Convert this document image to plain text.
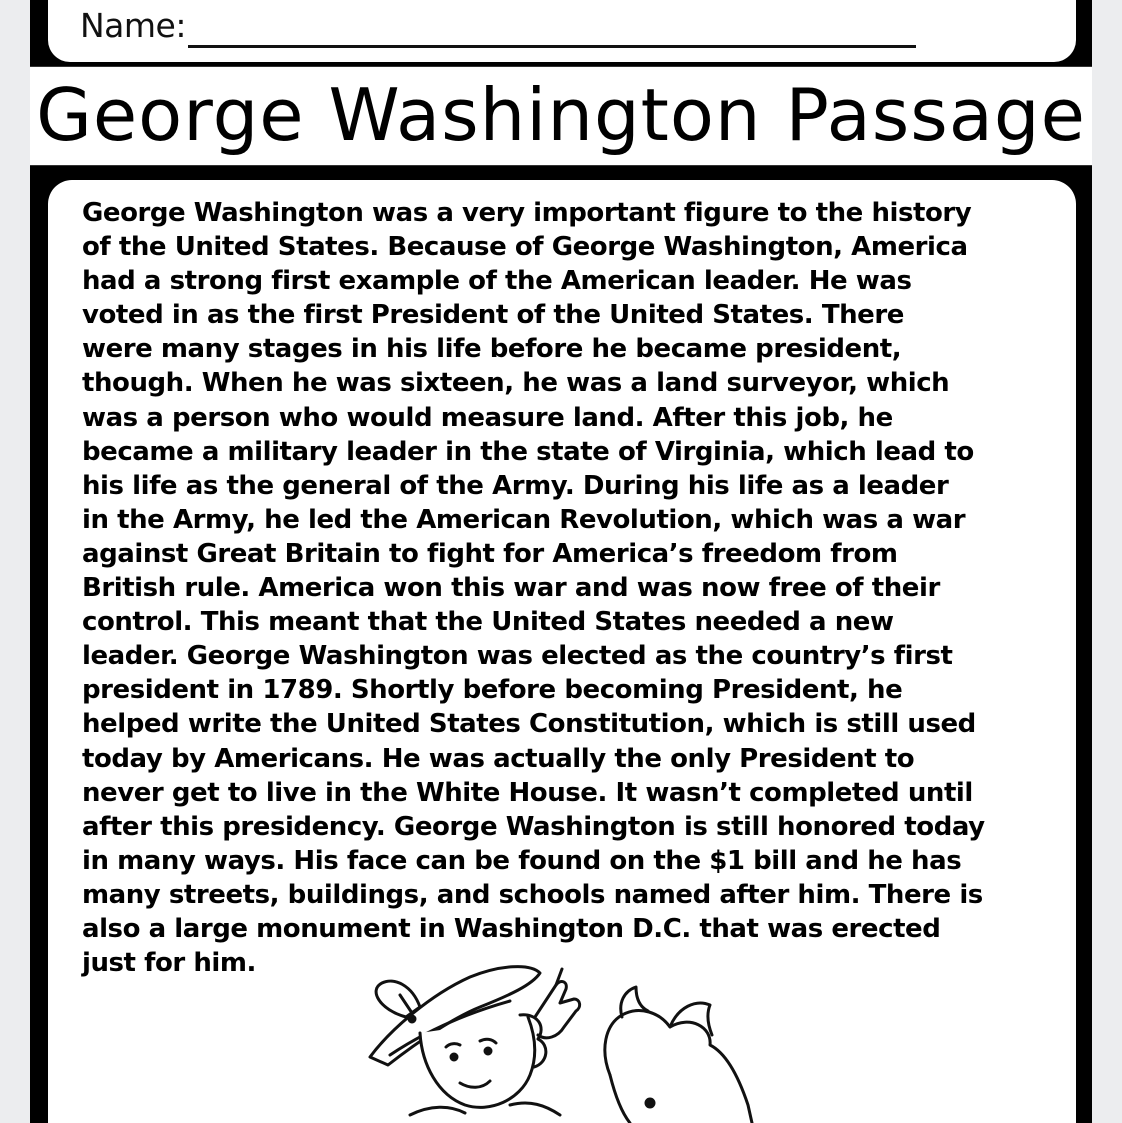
Name:
George Washington Passage
George Washington was a very important figure to the history
of the United States. Because of George Washington, America
had a strong first example of the American leader. He was
voted in as the first President of the United States. There
were many stages in his life before he became president,
though. When he was sixteen, he was a land surveyor, which
was a person who would measure land. After this job, he
became a military leader in the state of Virginia, which lead to
his life as the general of the Army. During his life as a leader
in the Army, he led the American Revolution, which was a war
against Great Britain to fight for America’s freedom from
British rule. America won this war and was now free of their
control. This meant that the United States needed a new
leader. George Washington was elected as the country’s first
president in 1789. Shortly before becoming President, he
helped write the United States Constitution, which is still used
today by Americans. He was actually the only President to
never get to live in the White House. It wasn’t completed until
after this presidency. George Washington is still honored today
in many ways. His face can be found on the $1 bill and he has
many streets, buildings, and schools named after him. There is
also a large monument in Washington D.C. that was erected
just for him.
